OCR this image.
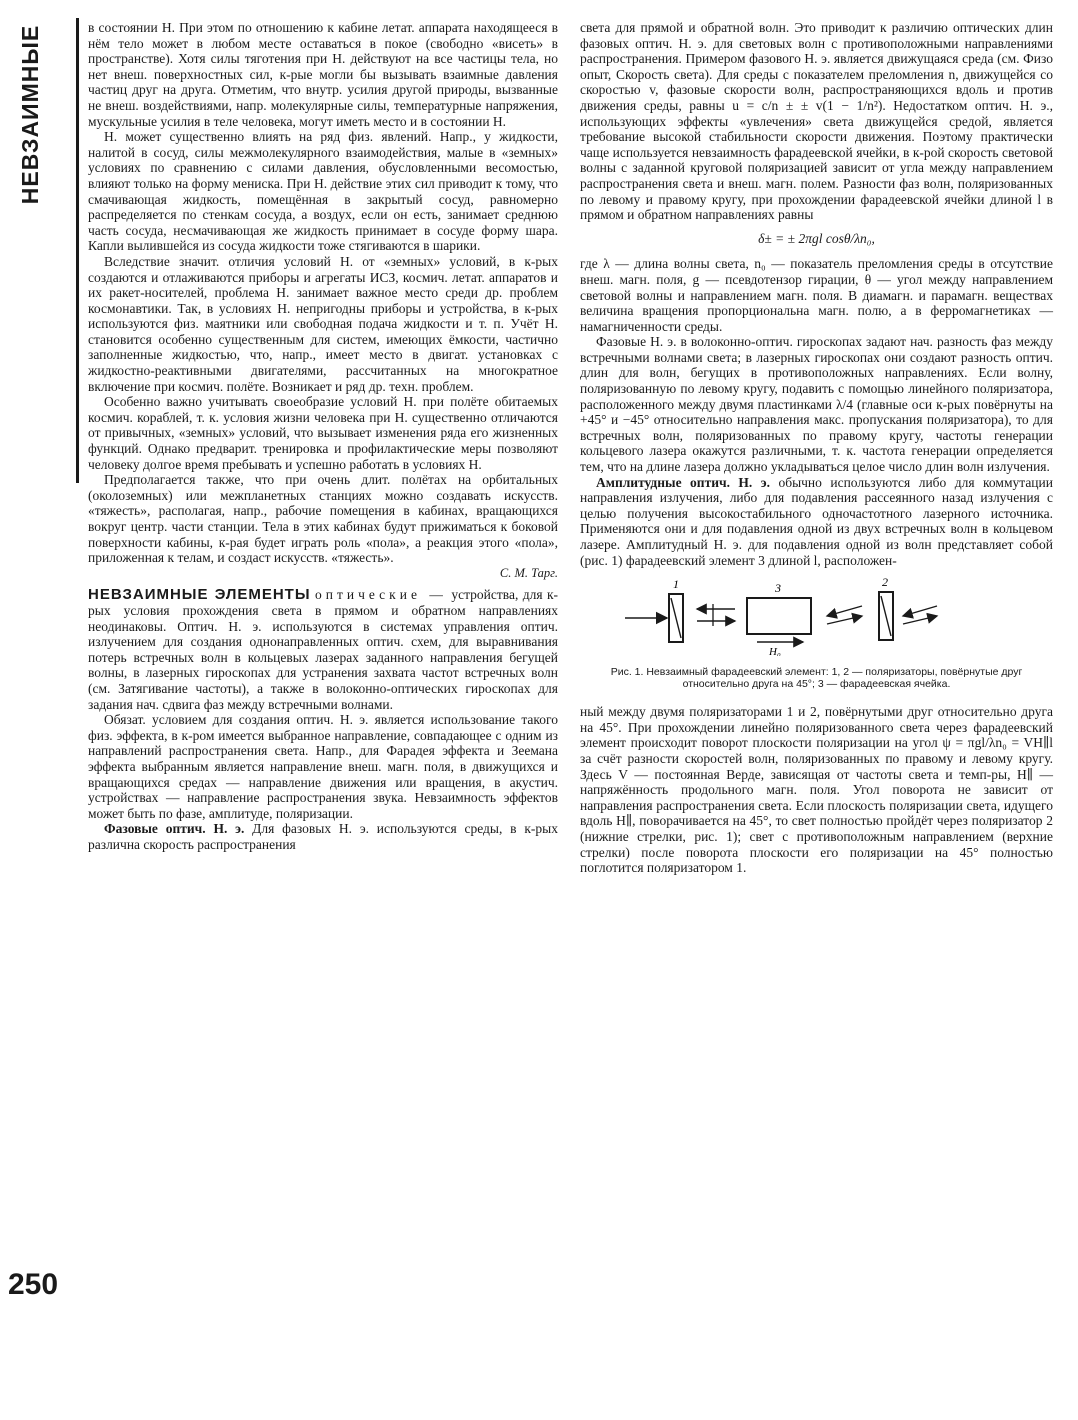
НЕВЗАИМНЫЕ
250

в состоянии Н. При этом по отношению к кабине летат. аппарата находящееся в нём тело может в любом месте оставаться в покое (свободно «висеть» в пространстве). Хотя силы тяготения при Н. действуют на все частицы тела, но нет внеш. поверхностных сил, к-рые могли бы вызывать взаимные давления частиц друг на друга. Отметим, что внутр. усилия другой природы, вызванные не внеш. воздействиями, напр. молекулярные силы, температурные напряжения, мускульные усилия в теле человека, могут иметь место и в состоянии Н.

Н. может существенно влиять на ряд физ. явлений. Напр., у жидкости, налитой в сосуд, силы межмолекулярного взаимодействия, малые в «земных» условиях по сравнению с силами давления, обусловленными весомостью, влияют только на форму мениска. При Н. действие этих сил приводит к тому, что смачивающая жидкость, помещённая в закрытый сосуд, равномерно распределяется по стенкам сосуда, а воздух, если он есть, занимает среднюю часть сосуда, несмачивающая же жидкость принимает в сосуде форму шара. Капли вылившейся из сосуда жидкости тоже стягиваются в шарики.

Вследствие значит. отличия условий Н. от «земных» условий, в к-рых создаются и отлаживаются приборы и агрегаты ИСЗ, космич. летат. аппаратов и их ракет-носителей, проблема Н. занимает важное место среди др. проблем космонавтики. Так, в условиях Н. непригодны приборы и устройства, в к-рых используются физ. маятники или свободная подача жидкости и т. п. Учёт Н. становится особенно существенным для систем, имеющих ёмкости, частично заполненные жидкостью, что, напр., имеет место в двигат. установках с жидкостно-реактивными двигателями, рассчитанных на многократное включение при космич. полёте. Возникает и ряд др. техн. проблем.

Особенно важно учитывать своеобразие условий Н. при полёте обитаемых космич. кораблей, т. к. условия жизни человека при Н. существенно отличаются от привычных, «земных» условий, что вызывает изменения ряда его жизненных функций. Однако предварит. тренировка и профилактические меры позволяют человеку долгое время пребывать и успешно работать в условиях Н.

Предполагается также, что при очень длит. полётах на орбитальных (околоземных) или межпланетных станциях можно создавать искусств. «тяжесть», располагая, напр., рабочие помещения в кабинах, вращающихся вокруг центр. части станции. Тела в этих кабинах будут прижиматься к боковой поверхности кабины, к-рая будет играть роль «пола», а реакция этого «пола», приложенная к телам, и создаст искусств. «тяжесть».

С. М. Тарг.

НЕВЗАИМНЫЕ ЭЛЕМЕНТЫ оптические — устройства, для к-рых условия прохождения света в прямом и обратном направлениях неодинаковы. Оптич. Н. э. используются в системах управления оптич. излучением для создания однонаправленных оптич. схем, для выравнивания потерь встречных волн в кольцевых лазерах заданного направления бегущей волны, в лазерных гироскопах для устранения захвата частот встречных волн (см. Затягивание частоты), а также в волоконно-оптических гироскопах для задания нач. сдвига фаз между встречными волнами.

Обязат. условием для создания оптич. Н. э. является использование такого физ. эффекта, в к-ром имеется выбранное направление, совпадающее с одним из направлений распространения света. Напр., для Фарадея эффекта и Зеемана эффекта выбранным является направление внеш. магн. поля, в движущихся и вращающихся средах — направление движения или вращения, в акустич. устройствах — направление распространения звука. Невзаимность эффектов может быть по фазе, амплитуде, поляризации.

Фазовые оптич. Н. э. Для фазовых Н. э. используются среды, в к-рых различна скорость распространения

света для прямой и обратной волн. Это приводит к различию оптических длин фазовых оптич. Н. э. для световых волн с противоположными направлениями распространения. Примером фазового Н. э. является движущаяся среда (см. Физо опыт, Скорость света). Для среды с показателем преломления n, движущейся со скоростью v, фазовые скорости волн, распространяющихся вдоль и против движения среды, равны u = c/n ± ± v(1 − 1/n²). Недостатком оптич. Н. э., использующих эффекты «увлечения» света движущейся средой, является требование высокой стабильности скорости движения. Поэтому практически чаще используется невзаимность фарадеевской ячейки, в к-рой скорость световой волны с заданной круговой поляризацией зависит от угла между направлением распространения света и внеш. магн. полем. Разности фаз волн, поляризованных по левому и правому кругу, при прохождении фарадеевской ячейки длиной l в прямом и обратном направлениях равны

δ± = ± 2πgl cosθ/λn₀,

где λ — длина волны света, n₀ — показатель преломления среды в отсутствие внеш. магн. поля, g — псевдотензор гирации, θ — угол между направлением световой волны и направлением магн. поля. В диамагн. и парамагн. веществах величина вращения пропорциональна магн. полю, а в ферромагнетиках — намагниченности среды.

Фазовые Н. э. в волоконно-оптич. гироскопах задают нач. разность фаз между встречными волнами света; в лазерных гироскопах они создают разность оптич. длин для волн, бегущих в противоположных направлениях. Если волну, поляризованную по левому кругу, подавить с помощью линейного поляризатора, расположенного между двумя пластинками λ/4 (главные оси к-рых повёрнуты на +45° и −45° относительно направления макс. пропускания поляризатора), то для встречных волн, поляризованных по правому кругу, частоты генерации кольцевого лазера окажутся различными, т. к. частота генерации определяется тем, что на длине лазера должно укладываться целое число длин волн излучения.

Амплитудные оптич. Н. э. обычно используются либо для коммутации направления излучения, либо для подавления рассеянного назад излучения с целью получения высокостабильного одночастотного лазерного источника. Применяются они и для подавления одной из двух встречных волн в кольцевом лазере. Амплитудный Н. э. для подавления одной из волн представляет собой (рис. 1) фарадеевский элемент 3 длиной l, расположен-

1	3
H₀
2
Рис. 1. Невзаимный фарадеевский элемент: 1, 2 — поляризаторы, повёрнутые друг относительно друга на 45°; 3 — фарадеевская ячейка.

ный между двумя поляризаторами 1 и 2, повёрнутыми друг относительно друга на 45°. При прохождении линейно поляризованного света через фарадеевский элемент происходит поворот плоскости поляризации на угол ψ = πgl/λn₀ = VH∥l за счёт разности скоростей волн, поляризованных по правому и левому кругу. Здесь V — постоянная Верде, зависящая от частоты света и темп-ры, H∥ — напряжённость продольного магн. поля. Угол поворота не зависит от направления распространения света. Если плоскость поляризации света, идущего вдоль H∥, поворачивается на 45°, то свет полностью пройдёт через поляризатор 2 (нижние стрелки, рис. 1); свет с противоположным направлением (верхние стрелки) после поворота плоскости его поляризации на 45° полностью поглотится поляризатором 1.
